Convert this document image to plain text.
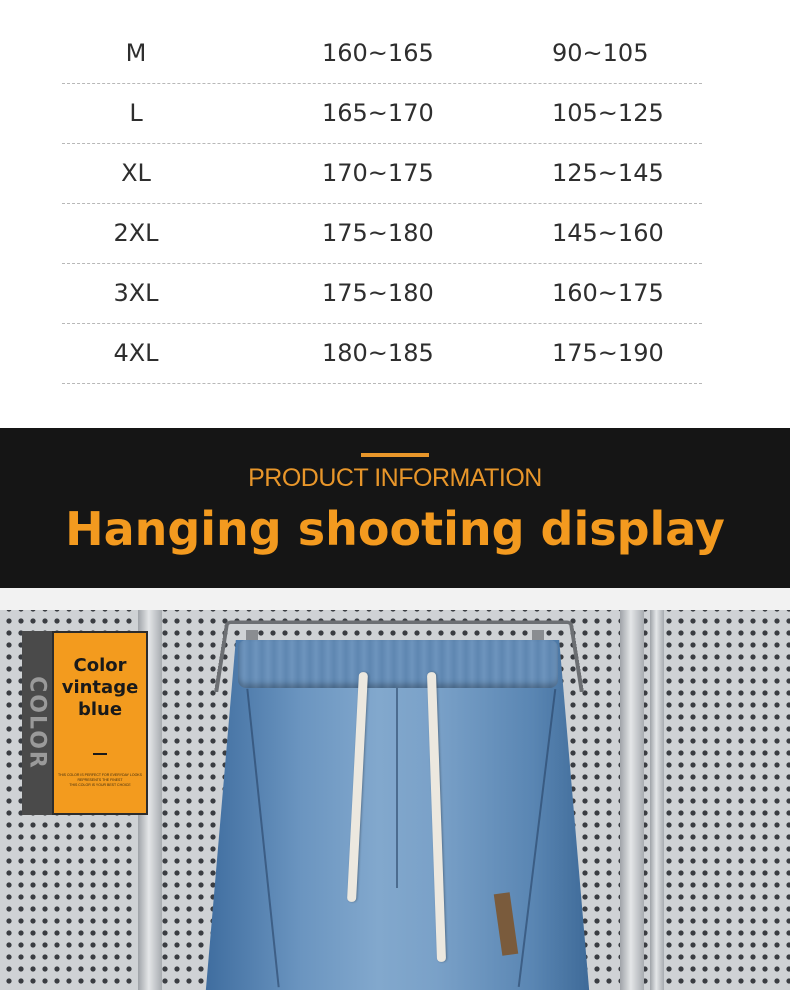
M	160~165	90~105
L	165~170	105~125
XL	170~175	125~145
2XL	175~180	145~160
3XL	175~180	160~175
4XL	180~185	175~190
PRODUCT INFORMATION
Hanging shooting display
COLOR
Color
vintage
blue
THIS COLOR IS PERFECT FOR EVERYDAY LOOKS
REPRESENTS THE FINEST
THIS COLOR IS YOUR BEST CHOICE
